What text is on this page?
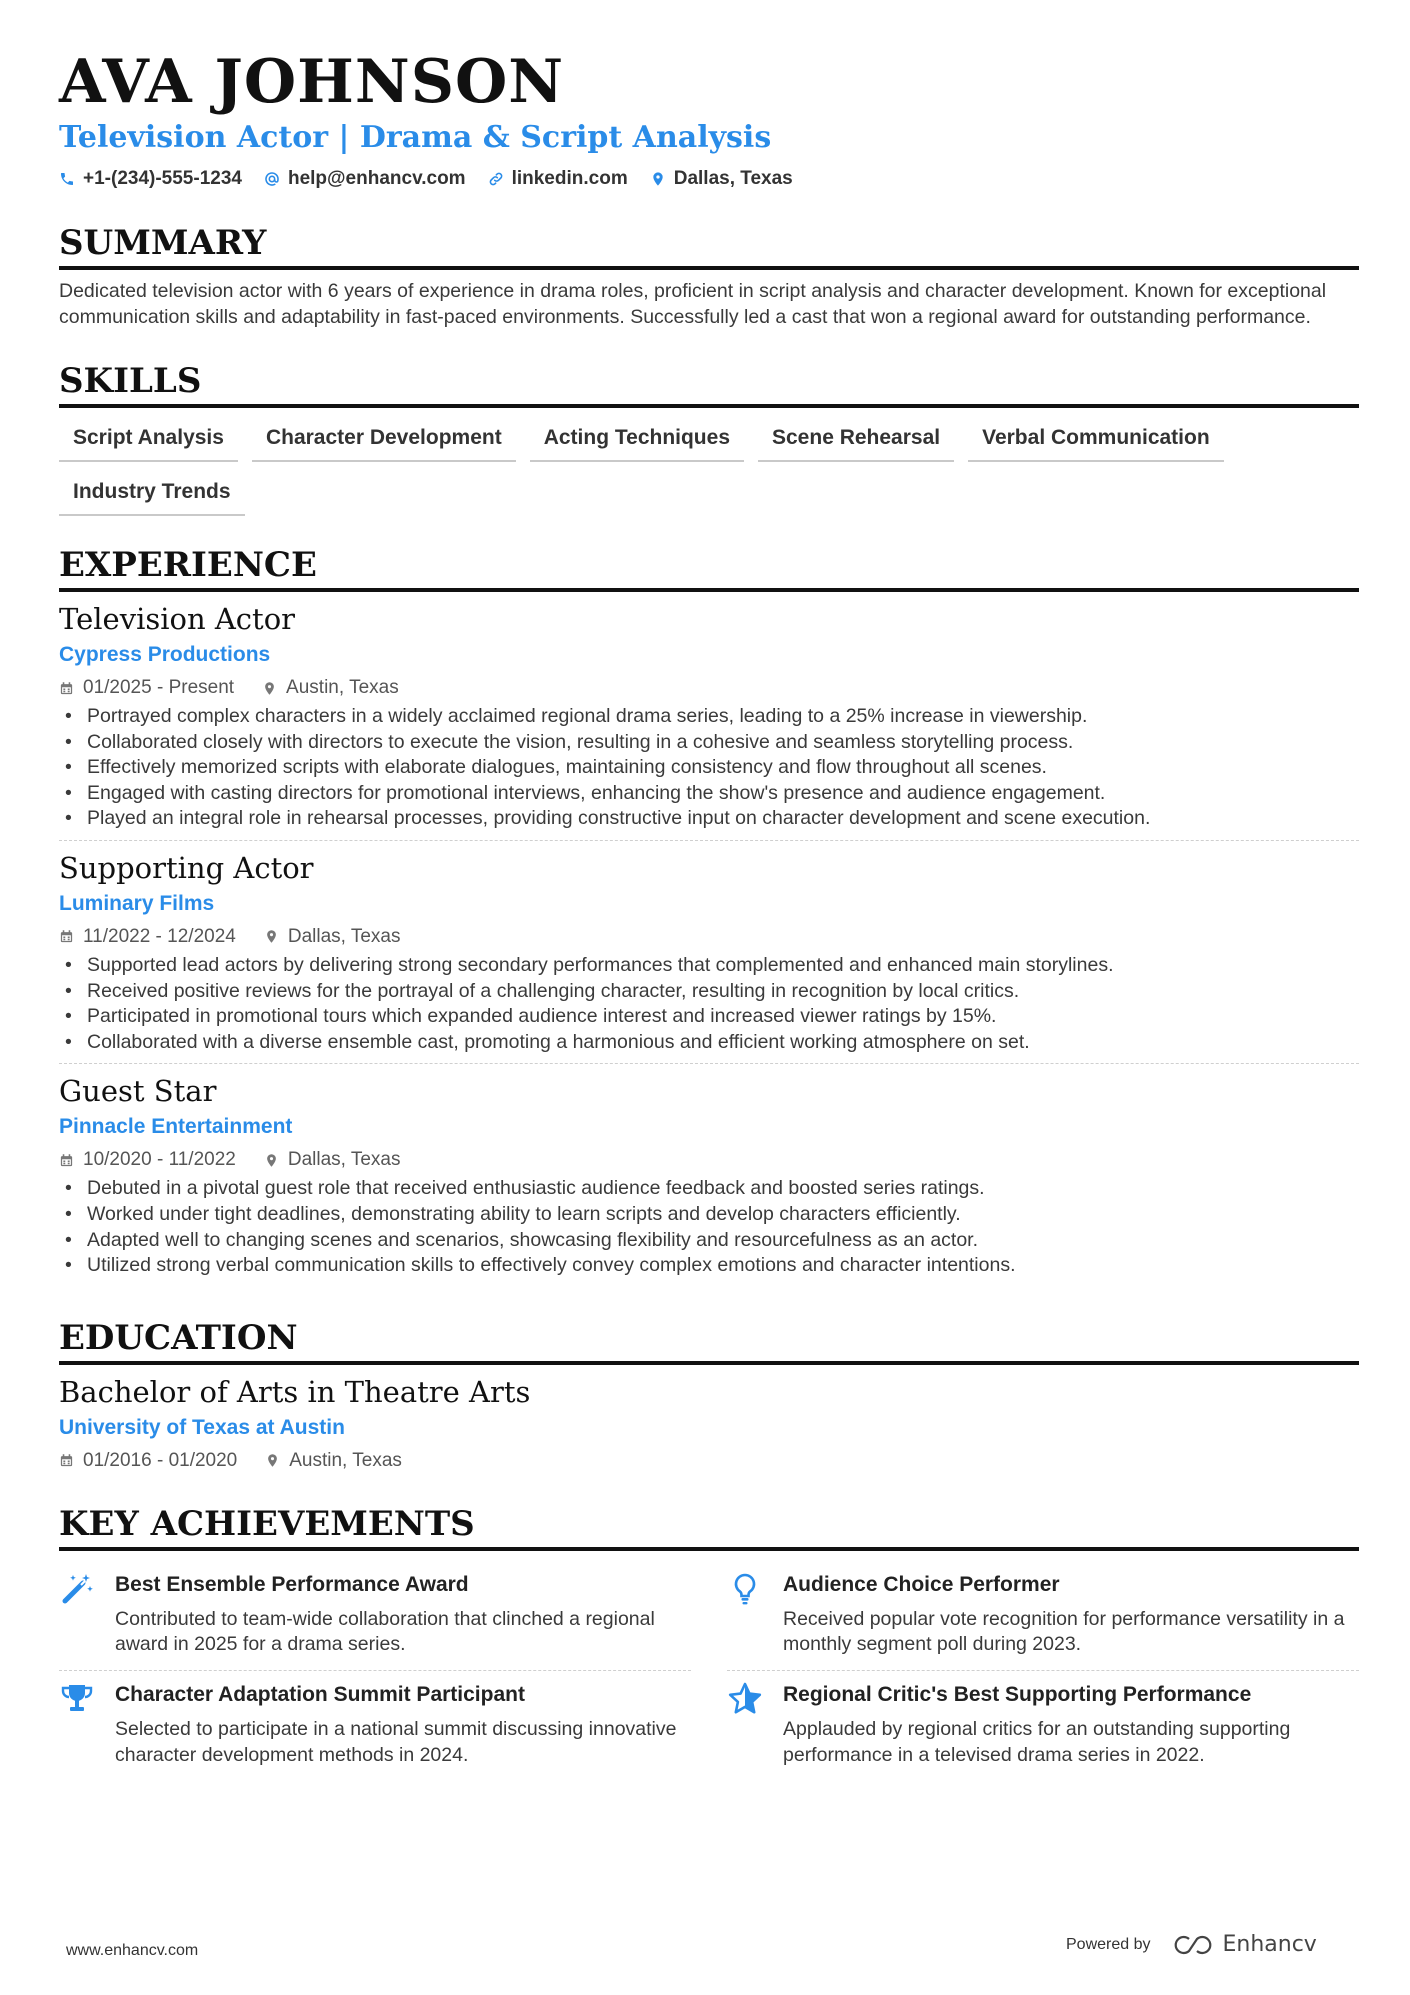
AVA JOHNSON
Television Actor | Drama & Script Analysis
+1-(234)-555-1234 help@enhancv.com linkedin.com Dallas, Texas
SUMMARY
Dedicated television actor with 6 years of experience in drama roles, proficient in script analysis and character development. Known for exceptional communication skills and adaptability in fast-paced environments. Successfully led a cast that won a regional award for outstanding performance.
SKILLS
Script Analysis	Character Development	Acting Techniques	Scene Rehearsal	Verbal Communication
Industry Trends
EXPERIENCE
Television Actor
Cypress Productions
01/2025 - Present	Austin, Texas
• Portrayed complex characters in a widely acclaimed regional drama series, leading to a 25% increase in viewership.
• Collaborated closely with directors to execute the vision, resulting in a cohesive and seamless storytelling process.
• Effectively memorized scripts with elaborate dialogues, maintaining consistency and flow throughout all scenes.
• Engaged with casting directors for promotional interviews, enhancing the show's presence and audience engagement.
• Played an integral role in rehearsal processes, providing constructive input on character development and scene execution.
Supporting Actor
Luminary Films
11/2022 - 12/2024	Dallas, Texas
• Supported lead actors by delivering strong secondary performances that complemented and enhanced main storylines.
• Received positive reviews for the portrayal of a challenging character, resulting in recognition by local critics.
• Participated in promotional tours which expanded audience interest and increased viewer ratings by 15%.
• Collaborated with a diverse ensemble cast, promoting a harmonious and efficient working atmosphere on set.
Guest Star
Pinnacle Entertainment
10/2020 - 11/2022	Dallas, Texas
• Debuted in a pivotal guest role that received enthusiastic audience feedback and boosted series ratings.
• Worked under tight deadlines, demonstrating ability to learn scripts and develop characters efficiently.
• Adapted well to changing scenes and scenarios, showcasing flexibility and resourcefulness as an actor.
• Utilized strong verbal communication skills to effectively convey complex emotions and character intentions.
EDUCATION
Bachelor of Arts in Theatre Arts
University of Texas at Austin
01/2016 - 01/2020	Austin, Texas
KEY ACHIEVEMENTS
Best Ensemble Performance Award
Contributed to team-wide collaboration that clinched a regional award in 2025 for a drama series.
Audience Choice Performer
Received popular vote recognition for performance versatility in a monthly segment poll during 2023.
Character Adaptation Summit Participant
Selected to participate in a national summit discussing innovative character development methods in 2024.
Regional Critic's Best Supporting Performance
Applauded by regional critics for an outstanding supporting performance in a televised drama series in 2022.
www.enhancv.com	Powered by	Enhancv
